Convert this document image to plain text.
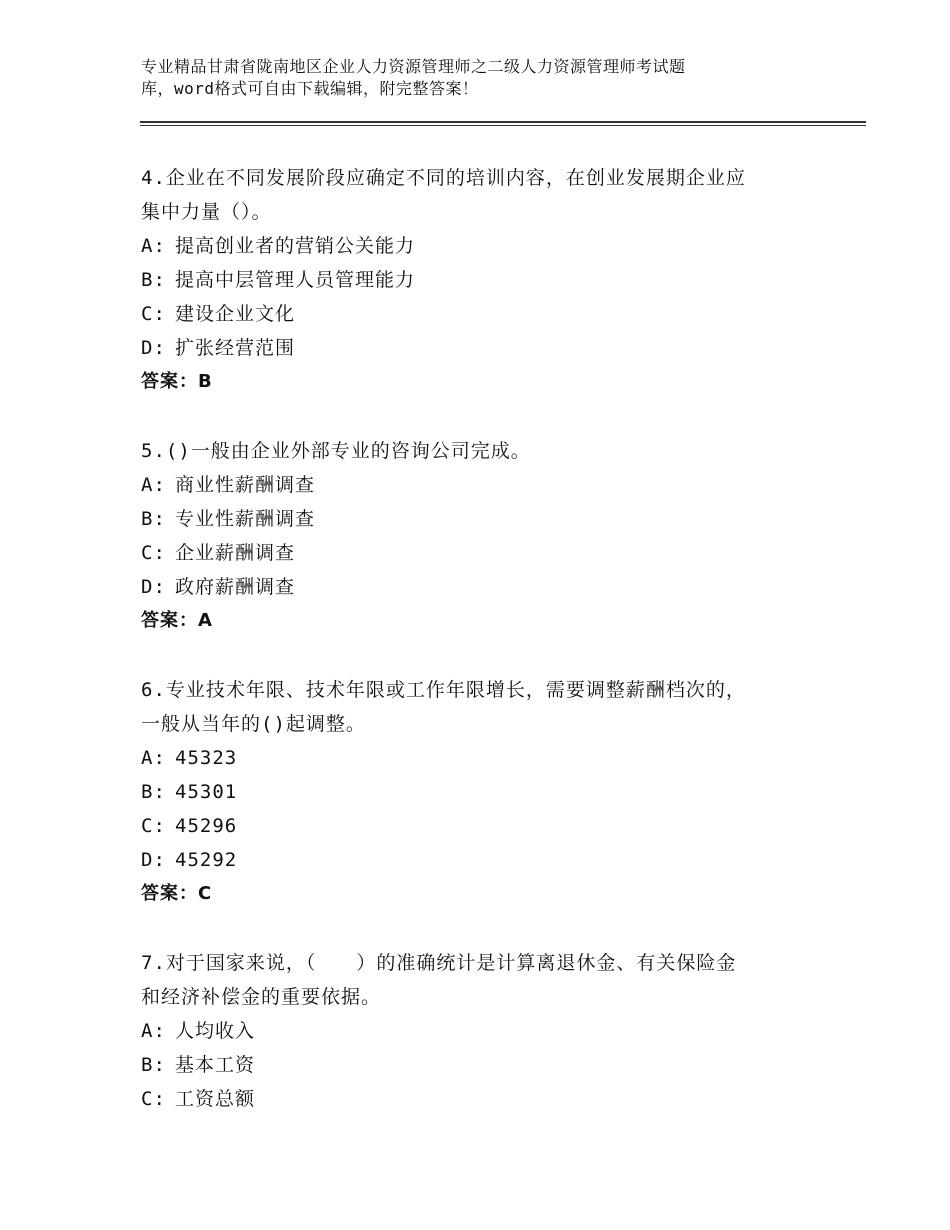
专业精品甘肃省陇南地区企业人力资源管理师之二级人力资源管理师考试题
库，word格式可自由下载编辑，附完整答案！
4.企业在不同发展阶段应确定不同的培训内容，在创业发展期企业应
集中力量（）。
A: 提高创业者的营销公关能力
B: 提高中层管理人员管理能力
C: 建设企业文化
D: 扩张经营范围
答案：B
5.()一般由企业外部专业的咨询公司完成。
A: 商业性薪酬调查
B: 专业性薪酬调查
C: 企业薪酬调查
D: 政府薪酬调查
答案：A
6.专业技术年限、技术年限或工作年限增长，需要调整薪酬档次的，
一般从当年的()起调整。
A: 45323
B: 45301
C: 45296
D: 45292
答案：C
7.对于国家来说，（　　）的准确统计是计算离退休金、有关保险金
和经济补偿金的重要依据。
A: 人均收入
B: 基本工资
C: 工资总额
